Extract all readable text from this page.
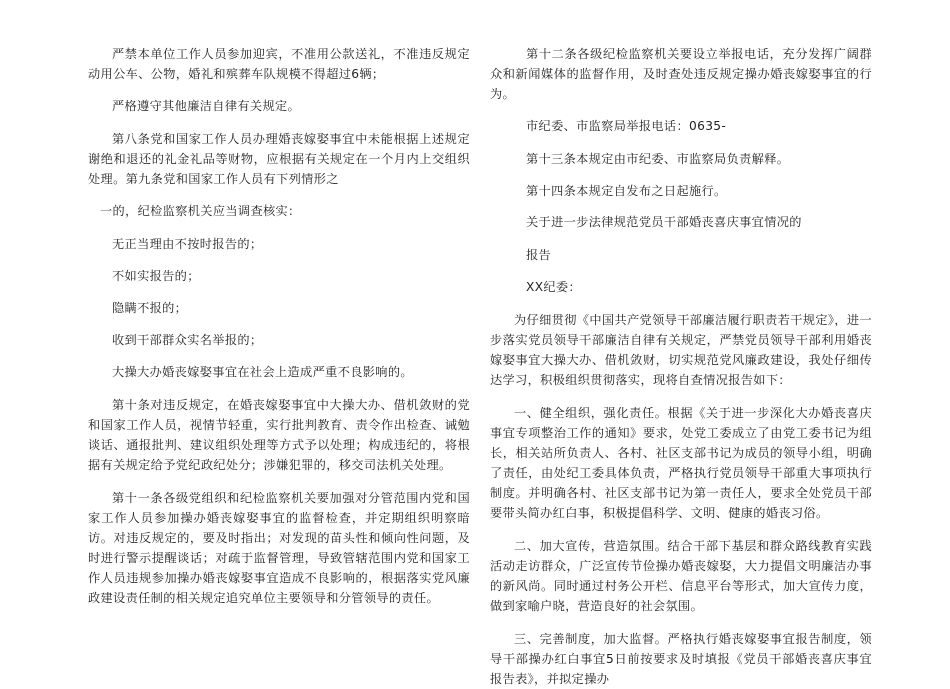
严禁本单位工作人员参加迎宾，不准用公款送礼，不准违反规定动用公车、公物，婚礼和殡葬车队规模不得超过6辆；

严格遵守其他廉洁自律有关规定。

第八条党和国家工作人员办理婚丧嫁娶事宜中未能根据上述规定谢绝和退还的礼金礼品等财物，应根据有关规定在一个月内上交组织处理。第九条党和国家工作人员有下列情形之

一的，纪检监察机关应当调查核实：

无正当理由不按时报告的；

不如实报告的；

隐瞒不报的；

收到干部群众实名举报的；

大操大办婚丧嫁娶事宜在社会上造成严重不良影响的。

第十条对违反规定，在婚丧嫁娶事宜中大操大办、借机敛财的党和国家工作人员，视情节轻重，实行批判教育、责令作出检查、诫勉谈话、通报批判、建议组织处理等方式予以处理；构成违纪的，将根据有关规定给予党纪政纪处分；涉嫌犯罪的，移交司法机关处理。

第十一条各级党组织和纪检监察机关要加强对分管范围内党和国家工作人员参加操办婚丧嫁娶事宜的监督检查，并定期组织明察暗访。对违反规定的，要及时指出；对发现的苗头性和倾向性问题，及时进行警示提醒谈话；对疏于监督管理，导致管辖范围内党和国家工作人员违规参加操办婚丧嫁娶事宜造成不良影响的，根据落实党风廉政建设责任制的相关规定追究单位主要领导和分管领导的责任。

第十二条各级纪检监察机关要设立举报电话，充分发挥广阔群众和新闻媒体的监督作用，及时查处违反规定操办婚丧嫁娶事宜的行为。

市纪委、市监察局举报电话：0635-

第十三条本规定由市纪委、市监察局负责解释。

第十四条本规定自发布之日起施行。

关于进一步法律规范党员干部婚丧喜庆事宜情况的

报告

XX纪委：

为仔细贯彻《中国共产党领导干部廉洁履行职责若干规定》，进一步落实党员领导干部廉洁自律有关规定，严禁党员领导干部利用婚丧嫁娶事宜大操大办、借机敛财，切实规范党风廉政建设，我处仔细传达学习，积极组织贯彻落实，现将自查情况报告如下：

一、健全组织，强化责任。根据《关于进一步深化大办婚丧喜庆事宜专项整治工作的通知》要求，处党工委成立了由党工委书记为组长，相关站所负责人、各村、社区支部书记为成员的领导小组，明确了责任，由处纪工委具体负责，严格执行党员领导干部重大事项执行制度。并明确各村、社区支部书记为第一责任人，要求全处党员干部要带头简办红白事，积极提倡科学、文明、健康的婚丧习俗。

二、加大宣传，营造氛围。结合干部下基层和群众路线教育实践活动走访群众，广泛宣传节俭操办婚丧嫁娶，大力提倡文明廉洁办事的新风尚。同时通过村务公开栏、信息平台等形式，加大宣传力度，做到家喻户晓，营造良好的社会氛围。

三、完善制度，加大监督。严格执行婚丧嫁娶事宜报告制度，领导干部操办红白事宜5日前按要求及时填报《党员干部婚丧喜庆事宜报告表》，并拟定操办
